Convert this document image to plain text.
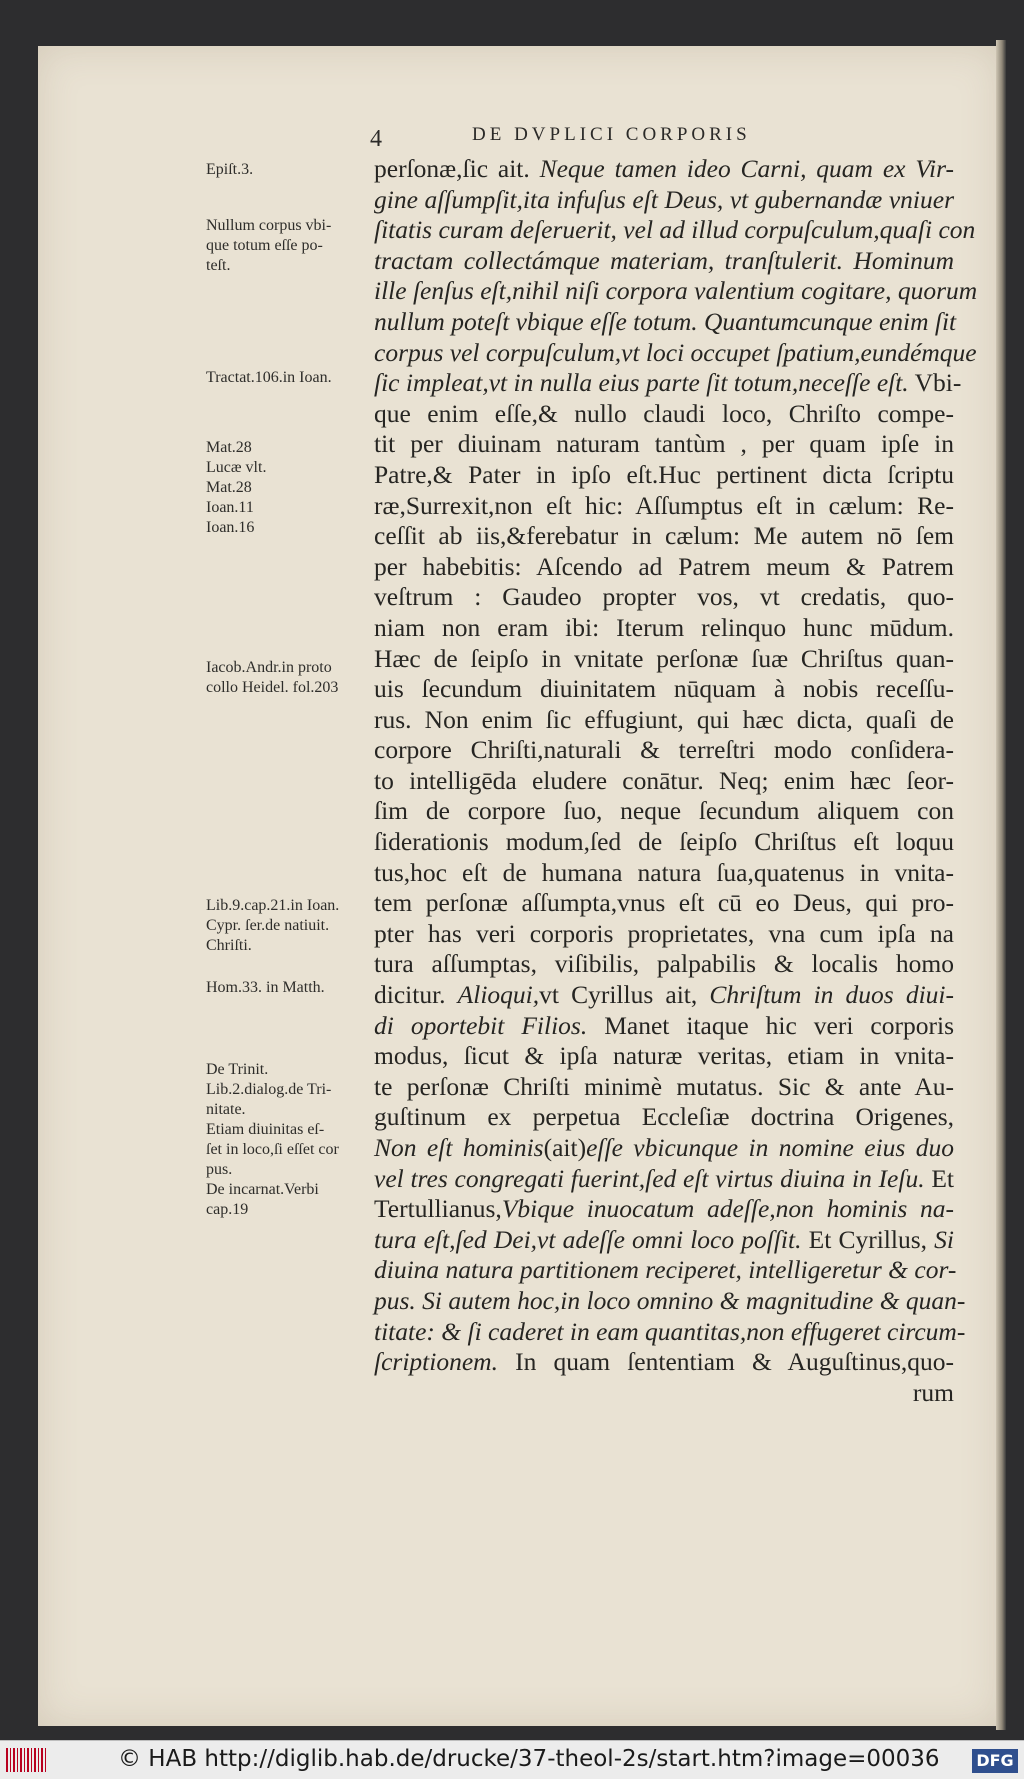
4	DE DVPLICI CORPORIS
perſonæ,ſic ait. Neque tamen ideo Carni, quam ex Vir-
gine aſſumpſit,ita infuſus eſt Deus, vt gubernandæ vniuer
ſitatis curam deſeruerit, vel ad illud corpuſculum,quaſi con
tractam collectámque materiam, tranſtulerit. Hominum
ille ſenſus eſt,nihil niſi corpora valentium cogitare, quorum
nullum poteſt vbique eſſe totum. Quantumcunque enim ſit
corpus vel corpuſculum,vt loci occupet ſpatium,eundémque
ſic impleat,vt in nulla eius parte ſit totum,neceſſe eſt. Vbi-
que enim eſſe,& nullo claudi loco, Chriſto compe-
tit per diuinam naturam tantùm , per quam ipſe in
Patre,& Pater in ipſo eſt.Huc pertinent dicta ſcriptu
ræ,Surrexit,non eſt hic: Aſſumptus eſt in cælum: Re-
ceſſit ab iis,&ferebatur in cælum: Me autem nō ſem
per habebitis: Aſcendo ad Patrem meum & Patrem
veſtrum : Gaudeo propter vos, vt credatis, quo-
niam non eram ibi: Iterum relinquo hunc mūdum.
Hæc de ſeipſo in vnitate perſonæ ſuæ Chriſtus quan-
uis ſecundum diuinitatem nūquam à nobis receſſu-
rus. Non enim ſic effugiunt, qui hæc dicta, quaſi de
corpore Chriſti,naturali & terreſtri modo conſidera-
to intelligēda eludere conātur. Neq; enim hæc ſeor-
ſim de corpore ſuo, neque ſecundum aliquem con
ſiderationis modum,ſed de ſeipſo Chriſtus eſt loquu
tus,hoc eſt de humana natura ſua,quatenus in vnita-
tem perſonæ aſſumpta,vnus eſt cū eo Deus, qui pro-
pter has veri corporis proprietates, vna cum ipſa na
tura aſſumptas, viſibilis, palpabilis & localis homo
dicitur. Alioqui,vt Cyrillus ait, Chriſtum in duos diui-
di oportebit Filios. Manet itaque hic veri corporis
modus, ſicut & ipſa naturæ veritas, etiam in vnita-
te perſonæ Chriſti minimè mutatus. Sic & ante Au-
guſtinum ex perpetua Eccleſiæ doctrina Origenes,
Non eſt hominis(ait)eſſe vbicunque in nomine eius duo
vel tres congregati fuerint,ſed eſt virtus diuina in Ieſu. Et
Tertullianus,Vbique inuocatum adeſſe,non hominis na-
tura eſt,ſed Dei,vt adeſſe omni loco poſſit. Et Cyrillus, Si
diuina natura partitionem reciperet, intelligeretur & cor-
pus. Si autem hoc,in loco omnino & magnitudine & quan-
titate: & ſi caderet in eam quantitas,non effugeret circum-
ſcriptionem. In quam ſententiam & Auguſtinus,quo-
rum
Epiſt.3.
Nullum corpus vbi-
que totum eſſe po-
teſt.
Tractat.106.in Ioan.
Mat.28
Lucæ vlt.
Mat.28
Ioan.11
Ioan.16
Iacob.Andr.in proto
collo Heidel. fol.203
Lib.9.cap.21.in Ioan.
Cypr. ſer.de natiuit.
Chriſti.
Hom.33. in Matth.
De Trinit.
Lib.2.dialog.de Tri-
nitate.
Etiam diuinitas eſ-
ſet in loco,ſi eſſet cor
pus.
De incarnat.Verbi
cap.19
© HAB http://diglib.hab.de/drucke/37-theol-2s/start.htm?image=00036 DFG
